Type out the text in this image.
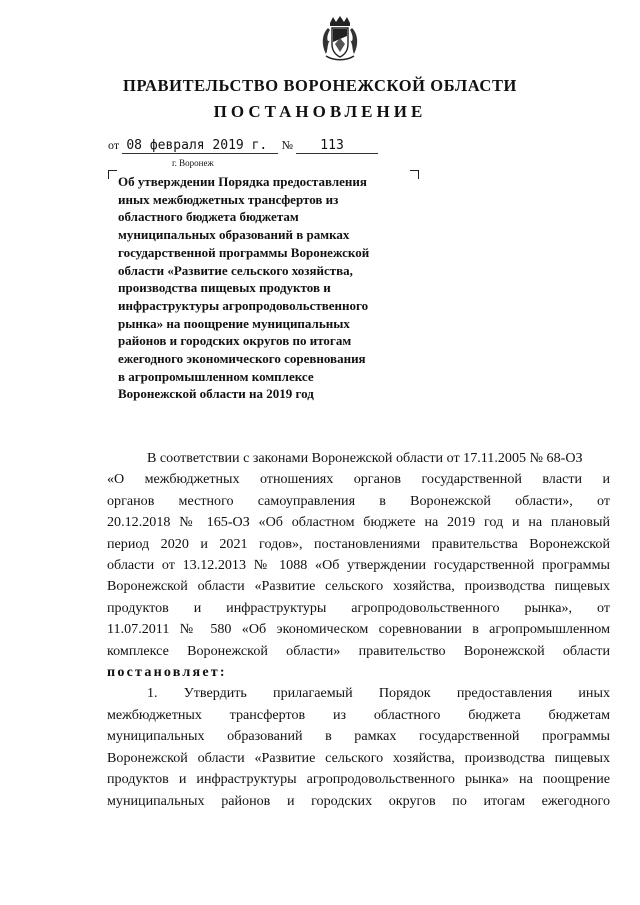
ПРАВИТЕЛЬСТВО ВОРОНЕЖСКОЙ ОБЛАСТИ
ПОСТАНОВЛЕНИЕ
от 08 февраля 2019 г. № 113
г. Воронеж
Об утверждении Порядка предоставления
иных межбюджетных трансфертов из
областного бюджета бюджетам
муниципальных образований в рамках
государственной программы Воронежской
области «Развитие сельского хозяйства,
производства пищевых продуктов и
инфраструктуры агропродовольственного
рынка» на поощрение муниципальных
районов и городских округов по итогам
ежегодного экономического соревнования
в агропромышленном комплексе
Воронежской области на 2019 год
В соответствии с законами Воронежской области от 17.11.2005 № 68-ОЗ
«О межбюджетных отношениях органов государственной власти и
органов местного самоуправления в Воронежской области», от
20.12.2018 № 165-ОЗ «Об областном бюджете на 2019 год и на плановый
период 2020 и 2021 годов», постановлениями правительства Воронежской
области от 13.12.2013 № 1088 «Об утверждении государственной программы
Воронежской области «Развитие сельского хозяйства, производства пищевых
продуктов и инфраструктуры агропродовольственного рынка», от
11.07.2011 № 580 «Об экономическом соревновании в агропромышленном
комплексе Воронежской области» правительство Воронежской области
постановляет:
1. Утвердить прилагаемый Порядок предоставления иных
межбюджетных трансфертов из областного бюджета бюджетам
муниципальных образований в рамках государственной программы
Воронежской области «Развитие сельского хозяйства, производства пищевых
продуктов и инфраструктуры агропродовольственного рынка» на поощрение
муниципальных районов и городских округов по итогам ежегодного
